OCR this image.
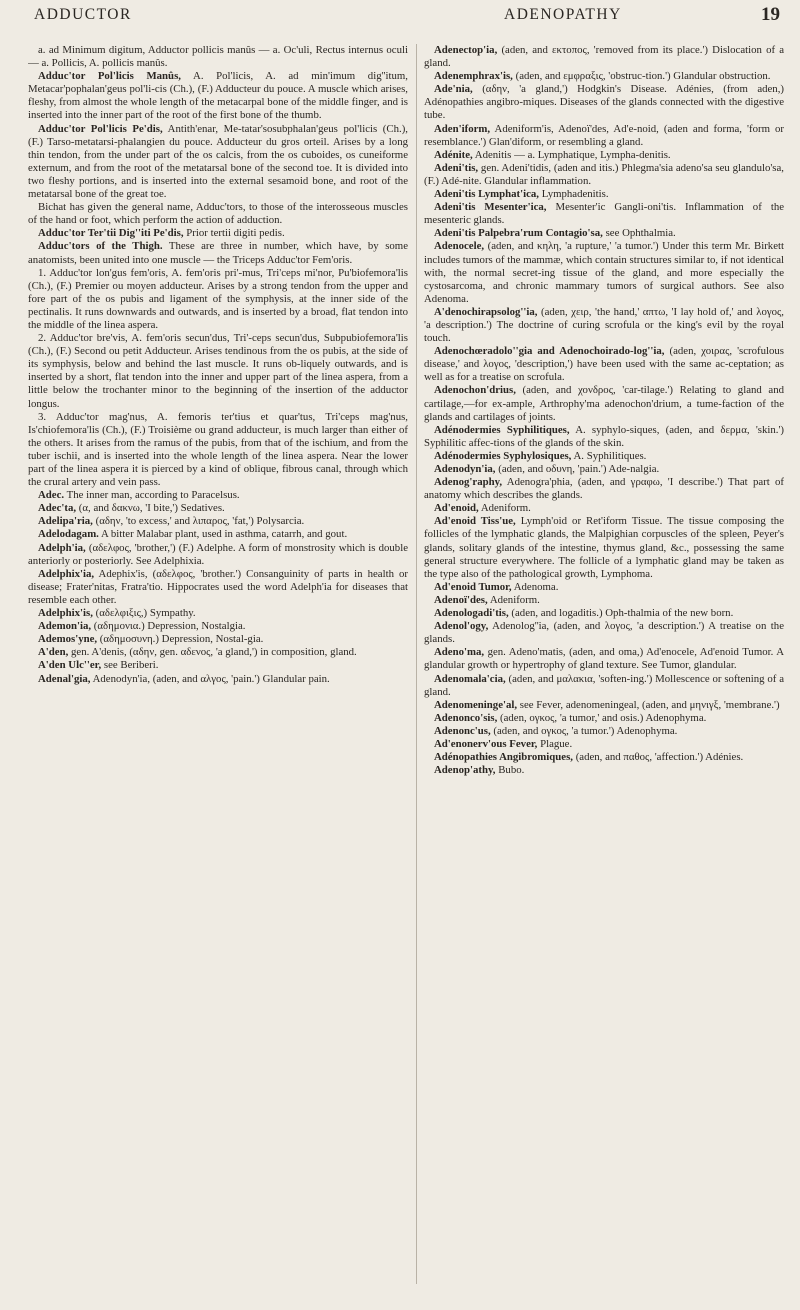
ADDUCTOR	ADENOPATHY	19

a. ad Minimum digitum, Adductor pollicis manûs — a. Oc'uli, Rectus internus oculi — a. Pollicis, A. pollicis manûs.

Adduc'tor Pol'licis Manûs, A. Pol'licis, A. ad min'imum dig''itum, Metacar'pophalan'geus pol'li-cis (Ch.), (F.) Adducteur du pouce. A muscle which arises, fleshy, from almost the whole length of the metacarpal bone of the middle finger, and is inserted into the inner part of the root of the first bone of the thumb.

Adduc'tor Pol'licis Pe'dis, Antith'enar, Me-tatar'sosubphalan'geus pol'licis (Ch.), (F.) Tarso-metatarsi-phalangien du pouce. Adducteur du gros orteil. Arises by a long thin tendon, from the under part of the os calcis, from the os cuboides, os cuneiforme externum, and from the root of the metatarsal bone of the second toe. It is divided into two fleshy portions, and is inserted into the external sesamoid bone, and root of the metatarsal bone of the great toe.

Bichat has given the general name, Adduc'tors, to those of the interosseous muscles of the hand or foot, which perform the action of adduction.

Adduc'tor Ter'tii Dig''iti Pe'dis, Prior tertii digiti pedis.

Adduc'tors of the Thigh. These are three in number, which have, by some anatomists, been united into one muscle — the Triceps Adduc'tor Fem'oris.

1. Adduc'tor lon'gus fem'oris, A. fem'oris pri'-mus, Tri'ceps mi'nor, Pu'biofemora'lis (Ch.), (F.) Premier ou moyen adducteur. Arises by a strong tendon from the upper and fore part of the os pubis and ligament of the symphysis, at the inner side of the pectinalis. It runs downwards and outwards, and is inserted by a broad, flat tendon into the middle of the linea aspera.

2. Adduc'tor bre'vis, A. fem'oris secun'dus, Tri'-ceps secun'dus, Subpubiofemora'lis (Ch.), (F.) Second ou petit Adducteur. Arises tendinous from the os pubis, at the side of its symphysis, below and behind the last muscle. It runs ob-liquely outwards, and is inserted by a short, flat tendon into the inner and upper part of the linea aspera, from a little below the trochanter minor to the beginning of the insertion of the adductor longus.

3. Adduc'tor mag'nus, A. femoris ter'tius et quar'tus, Tri'ceps mag'nus, Is'chiofemora'lis (Ch.), (F.) Troisième ou grand adducteur, is much larger than either of the others. It arises from the ramus of the pubis, from that of the ischium, and from the tuber ischii, and is inserted into the whole length of the linea aspera. Near the lower part of the linea aspera it is pierced by a kind of oblique, fibrous canal, through which the crural artery and vein pass.

Adec. The inner man, according to Paracelsus.

Adec'ta, (α, and δακνω, 'I bite,') Sedatives.

Adelipa'ria, (αδην, 'to excess,' and λιπαρος, 'fat,') Polysarcia.

Adelodagam. A bitter Malabar plant, used in asthma, catarrh, and gout.

Adelph'ia, (αδελφος, 'brother,') (F.) Adelphe. A form of monstrosity which is double anteriorly or posteriorly. See Adelphixia.

Adelphix'ia, Adephix'is, (αδελφος, 'brother.') Consanguinity of parts in health or disease; Frater'nitas, Fratra'tio. Hippocrates used the word Adelph'ia for diseases that resemble each other.

Adelphix'is, (αδελφιξις,) Sympathy.

Ademon'ia, (αδημονια.) Depression, Nostalgia.

Ademos'yne, (αδημοσυνη.) Depression, Nostal-gia.

A'den, gen. A'denis, (αδην, gen. αδενος, 'a gland,') in composition, gland.

A'den Ulc''er, see Beriberi.

Adenal'gia, Adenodyn'ia, (aden, and αλγος, 'pain.') Glandular pain.

Adenectop'ia, (aden, and εκτοπος, 'removed from its place.') Dislocation of a gland.

Adenemphrax'is, (aden, and εμφραξις, 'obstruc-tion.') Glandular obstruction.

Ade'nia, (αδην, 'a gland,') Hodgkin's Disease. Adénies, (from aden,) Adénopathies angibro-miques. Diseases of the glands connected with the digestive tube.

Aden'iform, Adeniform'is, Adenoï'des, Ad'e-noid, (aden and forma, 'form or resemblance.') Glan'diform, or resembling a gland.

Adénite, Adenitis — a. Lymphatique, Lympha-denitis.

Adeni'tis, gen. Adeni'tidis, (aden and itis.) Phlegma'sia adeno'sa seu glandulo'sa, (F.) Adé-nite. Glandular inflammation.

Adeni'tis Lymphat'ica, Lymphadenitis.

Adeni'tis Mesenter'ica, Mesenter'ic Gangli-oni'tis. Inflammation of the mesenteric glands.

Adeni'tis Palpebra'rum Contagio'sa, see Ophthalmia.

Adenocele, (aden, and κηλη, 'a rupture,' 'a tumor.') Under this term Mr. Birkett includes tumors of the mammæ, which contain structures similar to, if not identical with, the normal secret-ing tissue of the gland, and more especially the cystosarcoma, and chronic mammary tumors of surgical authors. See also Adenoma.

A'denochirapsolog''ia, (aden, χειρ, 'the hand,' απτω, 'I lay hold of,' and λογος, 'a description.') The doctrine of curing scrofula or the king's evil by the royal touch.

Adenochœradolo''gia and Adenochoirado-log''ia, (aden, χοιρας, 'scrofulous disease,' and λογος, 'description,') have been used with the same ac-ceptation; as well as for a treatise on scrofula.

Adenochon'drius, (aden, and χονδρος, 'car-tilage.') Relating to gland and cartilage,—for ex-ample, Arthrophy'ma adenochon'drium, a tume-faction of the glands and cartilages of joints.

Adénodermies Syphilitiques, A. syphylo-siques, (aden, and δερμα, 'skin.') Syphilitic affec-tions of the glands of the skin.

Adénodermies Syphylosiques, A. Syphilitiques.

Adenodyn'ia, (aden, and οδυνη, 'pain.') Ade-nalgia.

Adenog'raphy, Adenogra'phia, (aden, and γραφω, 'I describe.') That part of anatomy which describes the glands.

Ad'enoid, Adeniform.

Ad'enoid Tiss'ue, Lymph'oid or Ret'iform Tissue. The tissue composing the follicles of the lymphatic glands, the Malpighian corpuscles of the spleen, Peyer's glands, solitary glands of the intestine, thymus gland, &c., possessing the same general structure everywhere. The follicle of a lymphatic gland may be taken as the type also of the pathological growth, Lymphoma.

Ad'enoid Tumor, Adenoma.

Adenoï'des, Adeniform.

Adenologadi'tis, (aden, and logaditis.) Oph-thalmia of the new born.

Adenol'ogy, Adenolog''ia, (aden, and λογος, 'a description.') A treatise on the glands.

Adeno'ma, gen. Adeno'matis, (aden, and oma,) Ad'enocele, Ad'enoid Tumor. A glandular growth or hypertrophy of gland texture. See Tumor, glandular.

Adenomala'cia, (aden, and μαλακια, 'soften-ing.') Mollescence or softening of a gland.

Adenomeninge'al, see Fever, adenomeningeal, (aden, and μηνιγξ, 'membrane.')

Adenonco'sis, (aden, ογκος, 'a tumor,' and osis.) Adenophyma.

Adenonc'us, (aden, and ογκος, 'a tumor.') Adenophyma.

Ad'enonerv'ous Fever, Plague.

Adénopathies Angibromiques, (aden, and παθος, 'affection.') Adénies.

Adenop'athy, Bubo.
